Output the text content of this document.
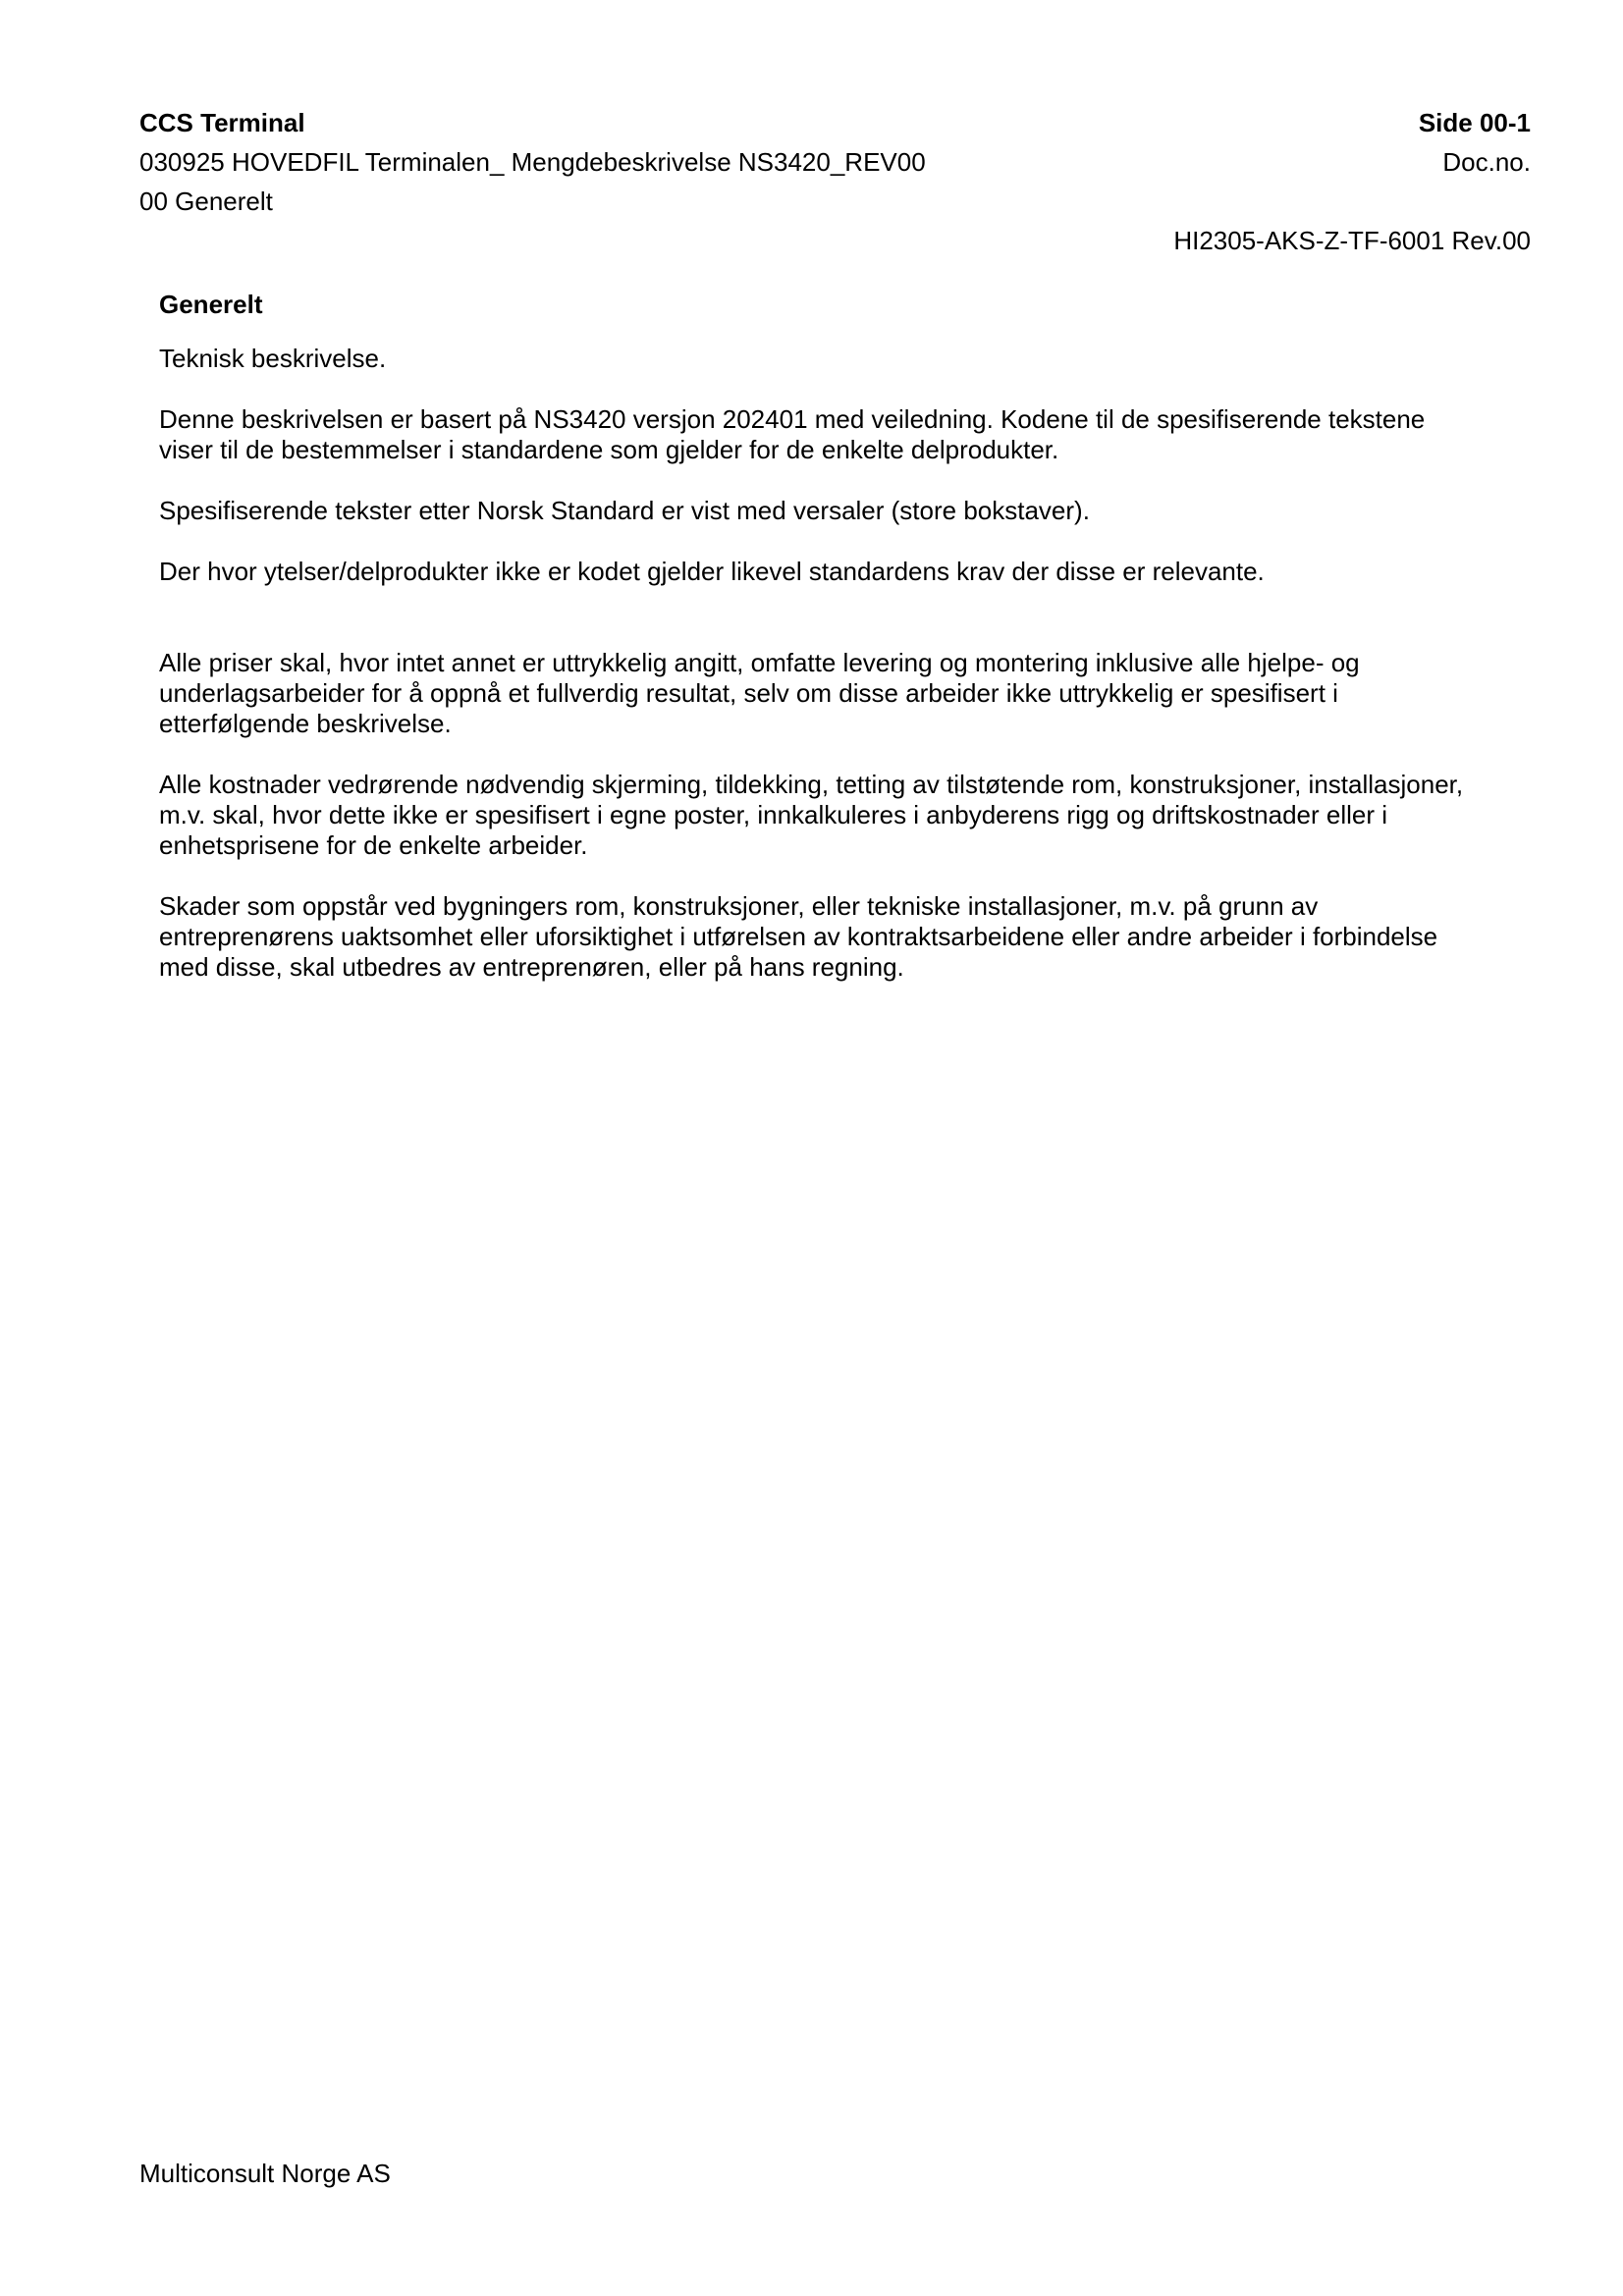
CCS Terminal
030925 HOVEDFIL Terminalen_ Mengdebeskrivelse NS3420_REV00
00 Generelt
Side 00-1
Doc.no.
HI2305-AKS-Z-TF-6001 Rev.00
Generelt

Teknisk beskrivelse.

Denne beskrivelsen er basert på NS3420 versjon 202401 med veiledning. Kodene til de spesifiserende tekstene viser til de bestemmelser i standardene som gjelder for de enkelte delprodukter.

Spesifiserende tekster etter Norsk Standard er vist med versaler (store bokstaver).

Der hvor ytelser/delprodukter ikke er kodet gjelder likevel standardens krav der disse er relevante.

Alle priser skal, hvor intet annet er uttrykkelig angitt, omfatte levering og montering inklusive alle hjelpe- og underlagsarbeider for å oppnå et fullverdig resultat, selv om disse arbeider ikke uttrykkelig er spesifisert i etterfølgende beskrivelse.

Alle kostnader vedrørende nødvendig skjerming, tildekking, tetting av tilstøtende rom, konstruksjoner, installasjoner, m.v. skal, hvor dette ikke er spesifisert i egne poster, innkalkuleres i anbyderens rigg og driftskostnader eller i enhetsprisene for de enkelte arbeider.

Skader som oppstår ved bygningers rom, konstruksjoner, eller tekniske installasjoner, m.v. på grunn av entreprenørens uaktsomhet eller uforsiktighet i utførelsen av kontraktsarbeidene eller andre arbeider i forbindelse med disse, skal utbedres av entreprenøren, eller på hans regning.

Multiconsult Norge AS
